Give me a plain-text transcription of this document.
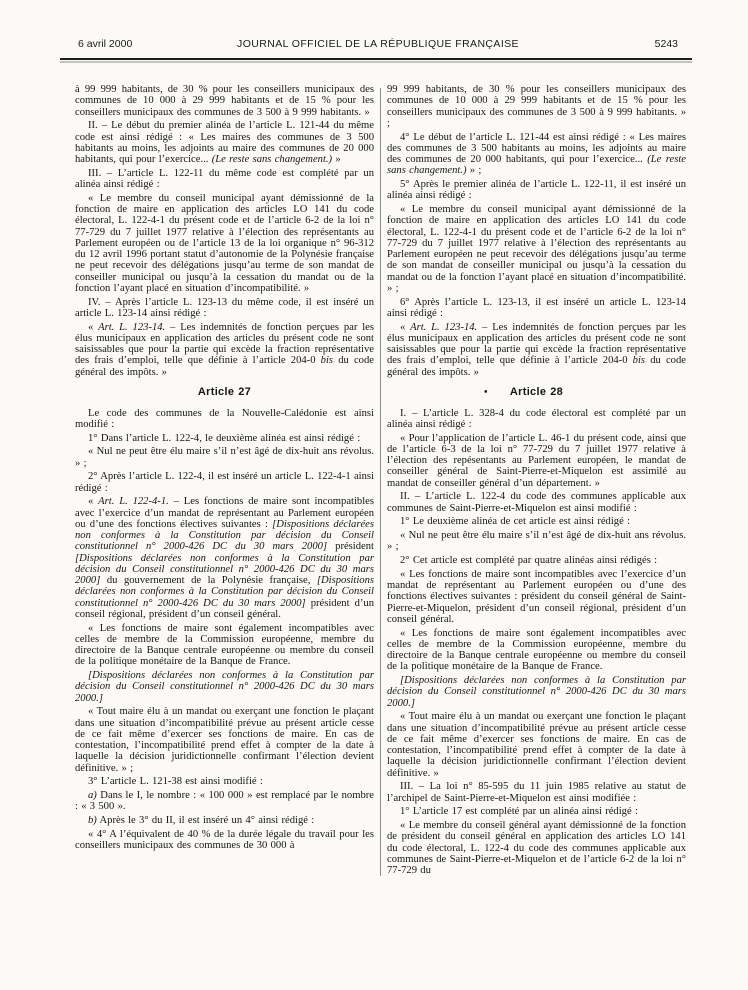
6 avril 2000	JOURNAL OFFICIEL DE LA RÉPUBLIQUE FRANÇAISE	5243

à 99 999 habitants, de 30 % pour les conseillers municipaux des communes de 10 000 à 29 999 habitants et de 15 % pour les conseillers municipaux des communes de 3 500 à 9 999 habitants. »

II. – Le début du premier alinéa de l’article L. 121-44 du même code est ainsi rédigé : « Les maires des communes de 3 500 habitants au moins, les adjoints au maire des communes de 20 000 habitants, qui pour l’exercice... (Le reste sans changement.) »

III. – L’article L. 122-11 du même code est complété par un alinéa ainsi rédigé :

« Le membre du conseil municipal ayant démissionné de la fonction de maire en application des articles LO 141 du code électoral, L. 122-4-1 du présent code et de l’article 6-2 de la loi n° 77-729 du 7 juillet 1977 relative à l’élection des représentants au Parlement européen ou de l’article 13 de la loi organique n° 96-312 du 12 avril 1996 portant statut d’autonomie de la Polynésie française ne peut recevoir des délégations jusqu’au terme de son mandat de conseiller municipal ou jusqu’à la cessation du mandat ou de la fonction l’ayant placé en situation d’incompatibilité. »

IV. – Après l’article L. 123-13 du même code, il est inséré un article L. 123-14 ainsi rédigé :

« Art. L. 123-14. – Les indemnités de fonction perçues par les élus municipaux en application des articles du présent code ne sont saisissables que pour la partie qui excède la fraction représentative des frais d’emploi, telle que définie à l’article 204-0 bis du code général des impôts. »

Article 27

Le code des communes de la Nouvelle-Calédonie est ainsi modifié :

1° Dans l’article L. 122-4, le deuxième alinéa est ainsi rédigé :

« Nul ne peut être élu maire s’il n’est âgé de dix-huit ans révolus. » ;

2° Après l’article L. 122-4, il est inséré un article L. 122-4-1 ainsi rédigé :

« Art. L. 122-4-1. – Les fonctions de maire sont incompatibles avec l’exercice d’un mandat de représentant au Parlement européen ou d’une des fonctions électives suivantes : [Dispositions déclarées non conformes à la Constitution par décision du Conseil constitutionnel n° 2000-426 DC du 30 mars 2000] président [Dispositions déclarées non conformes à la Constitution par décision du Conseil constitutionnel n° 2000-426 DC du 30 mars 2000] du gouvernement de la Polynésie française, [Dispositions déclarées non conformes à la Constitution par décision du Conseil constitutionnel n° 2000-426 DC du 30 mars 2000] président d’un conseil régional, président d’un conseil général.

« Les fonctions de maire sont également incompatibles avec celles de membre de la Commission européenne, membre du directoire de la Banque centrale européenne ou membre du conseil de la politique monétaire de la Banque de France.

[Dispositions déclarées non conformes à la Constitution par décision du Conseil constitutionnel n° 2000-426 DC du 30 mars 2000.]

« Tout maire élu à un mandat ou exerçant une fonction le plaçant dans une situation d’incompatibilité prévue au présent article cesse de ce fait même d’exercer ses fonctions de maire. En cas de contestation, l’incompatibilité prend effet à compter de la date à laquelle la décision juridictionnelle confirmant l’élection devient définitive. » ;

3° L’article L. 121-38 est ainsi modifié :

a) Dans le I, le nombre : « 100 000 » est remplacé par le nombre : « 3 500 ».

b) Après le 3° du II, il est inséré un 4° ainsi rédigé :

« 4° A l’équivalent de 40 % de la durée légale du travail pour les conseillers municipaux des communes de 30 000 à

99 999 habitants, de 30 % pour les conseillers municipaux des communes de 10 000 à 29 999 habitants et de 15 % pour les conseillers municipaux des communes de 3 500 à 9 999 habitants. » ;

4° Le début de l’article L. 121-44 est ainsi rédigé : « Les maires des communes de 3 500 habitants au moins, les adjoints au maire des communes de 20 000 habitants, qui pour l’exercice... (Le reste sans changement.) » ;

5° Après le premier alinéa de l’article L. 122-11, il est inséré un alinéa ainsi rédigé :

« Le membre du conseil municipal ayant démissionné de la fonction de maire en application des articles LO 141 du code électoral, L. 122-4-1 du présent code et de l’article 6-2 de la loi n° 77-729 du 7 juillet 1977 relative à l’élection des représentants au Parlement européen ne peut recevoir des délégations jusqu’au terme de son mandat de conseiller municipal ou jusqu’à la cessation du mandat ou de la fonction l’ayant placé en situation d’incompatibilité. » ;

6° Après l’article L. 123-13, il est inséré un article L. 123-14 ainsi rédigé :

« Art. L. 123-14. – Les indemnités de fonction perçues par les élus municipaux en application des articles du présent code ne sont saisissables que pour la partie qui excède la fraction représentative des frais d’emploi, telle que définie à l’article 204-0 bis du code général des impôts. »

• Article 28

I. – L’article L. 328-4 du code électoral est complété par un alinéa ainsi rédigé :

« Pour l’application de l’article L. 46-1 du présent code, ainsi que de l’article 6-3 de la loi n° 77-729 du 7 juillet 1977 relative à l’élection des repésentants au Parlement européen, le mandat de conseiller général de Saint-Pierre-et-Miquelon est assimilé au mandat de conseiller général d’un département. »

II. – L’article L. 122-4 du code des communes applicable aux communes de Saint-Pierre-et-Miquelon est ainsi modifié :

1° Le deuxième alinéa de cet article est ainsi rédigé :

« Nul ne peut être élu maire s’il n’est âgé de dix-huit ans révolus. » ;

2° Cet article est complété par quatre alinéas ainsi rédigés :

« Les fonctions de maire sont incompatibles avec l’exercice d’un mandat de représentant au Parlement européen ou d’une des fonctions électives suivantes : président du conseil général de Saint-Pierre-et-Miquelon, président d’un conseil régional, président d’un conseil général.

« Les fonctions de maire sont également incompatibles avec celles de membre de la Commission européenne, membre du directoire de la Banque centrale européenne ou membre du conseil de la politique monétaire de la Banque de France.

[Dispositions déclarées non conformes à la Constitution par décision du Conseil constitutionnel n° 2000-426 DC du 30 mars 2000.]

« Tout maire élu à un mandat ou exerçant une fonction le plaçant dans une situation d’incompatibilité prévue au présent article cesse de ce fait même d’exercer ses fonctions de maire. En cas de contestation, l’incompatibilité prend effet à compter de la date à laquelle la décision juridictionnelle confirmant l’élection devient définitive. »

III. – La loi n° 85-595 du 11 juin 1985 relative au statut de l’archipel de Saint-Pierre-et-Miquelon est ainsi modifiée :

1° L’article 17 est complété par un alinéa ainsi rédigé :

« Le membre du conseil général ayant démissionné de la fonction de président du conseil général en application des articles LO 141 du code électoral, L. 122-4 du code des communes applicable aux communes de Saint-Pierre-et-Miquelon et de l’article 6-2 de la loi n° 77-729 du
